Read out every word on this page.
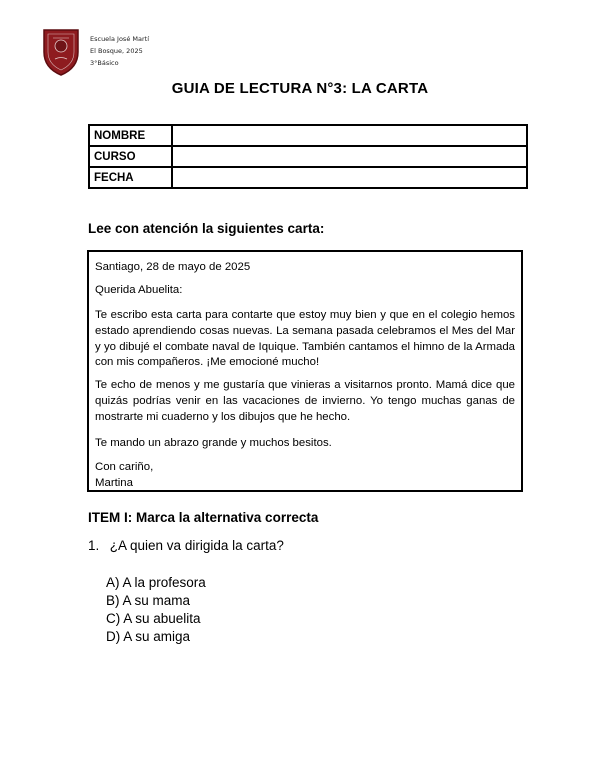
Escuela José Martí
El Bosque, 2025
3°Básico
GUIA DE LECTURA N°3: LA CARTA
NOMBRE	
CURSO	
FECHA	
Lee con atención la siguientes carta:

Santiago, 28 de mayo de 2025

Querida Abuelita:

Te escribo esta carta para contarte que estoy muy bien y que en el colegio hemos estado aprendiendo cosas nuevas. La semana pasada celebramos el Mes del Mar y yo dibujé el combate naval de Iquique. También cantamos el himno de la Armada con mis compañeros. ¡Me emocioné mucho!

Te echo de menos y me gustaría que vinieras a visitarnos pronto. Mamá dice que quizás podrías venir en las vacaciones de invierno. Yo tengo muchas ganas de mostrarte mi cuaderno y los dibujos que he hecho.

Te mando un abrazo grande y muchos besitos.

Con cariño,

Martina

ITEM I: Marca la alternativa correcta
1. ¿A quien va dirigida la carta?
A) A la profesora
B) A su mama
C) A su abuelita
D) A su amiga
